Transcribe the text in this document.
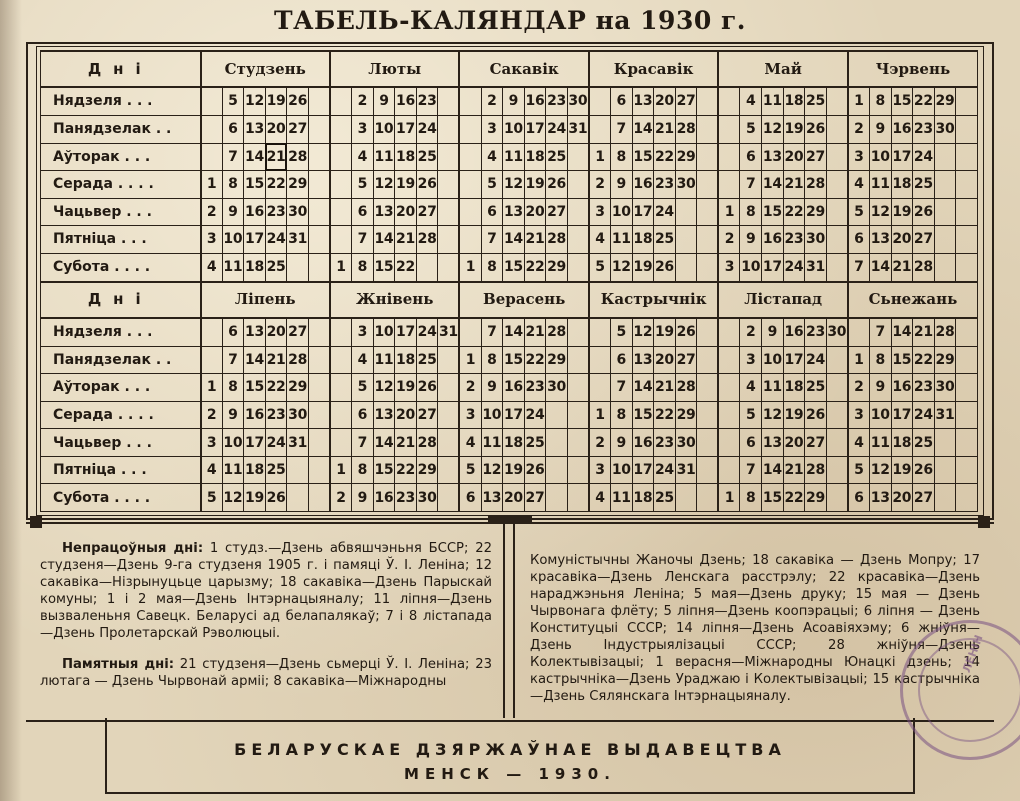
ТАБЕЛЬ-КАЛЯНДАР на 1930 г.
Дні	Студзень						Люты						Сакавік						Красавік						Май						Чэрвень					
Нядзеля . . .		5	12	19	26			2	9	16	23			2	9	16	23	30		6	13	20	27			4	11	18	25		1	8	15	22	29	
Панядзелак . .		6	13	20	27			3	10	17	24			3	10	17	24	31		7	14	21	28			5	12	19	26		2	9	16	23	30	
Аўторак . . .		7	14	21	28			4	11	18	25			4	11	18	25		1	8	15	22	29			6	13	20	27		3	10	17	24		
Серада . . . .	1	8	15	22	29			5	12	19	26			5	12	19	26		2	9	16	23	30			7	14	21	28		4	11	18	25		
Чацьвер . . .	2	9	16	23	30			6	13	20	27			6	13	20	27		3	10	17	24			1	8	15	22	29		5	12	19	26		
Пятніца . . .	3	10	17	24	31			7	14	21	28			7	14	21	28		4	11	18	25			2	9	16	23	30		6	13	20	27		
Субота . . . .	4	11	18	25			1	8	15	22			1	8	15	22	29		5	12	19	26			3	10	17	24	31		7	14	21	28		
Дні	Ліпень						Жнівень						Верасень						Кастрычнік						Лістапад						Сьнежань					
Нядзеля . . .		6	13	20	27			3	10	17	24	31		7	14	21	28			5	12	19	26			2	9	16	23	30		7	14	21	28	
Панядзелак . .		7	14	21	28			4	11	18	25		1	8	15	22	29			6	13	20	27			3	10	17	24		1	8	15	22	29	
Аўторак . . .	1	8	15	22	29			5	12	19	26		2	9	16	23	30			7	14	21	28			4	11	18	25		2	9	16	23	30	
Серада . . . .	2	9	16	23	30			6	13	20	27		3	10	17	24			1	8	15	22	29			5	12	19	26		3	10	17	24	31	
Чацьвер . . .	3	10	17	24	31			7	14	21	28		4	11	18	25			2	9	16	23	30			6	13	20	27		4	11	18	25		
Пятніца . . .	4	11	18	25			1	8	15	22	29		5	12	19	26			3	10	17	24	31			7	14	21	28		5	12	19	26		
Субота . . . .	5	12	19	26			2	9	16	23	30		6	13	20	27			4	11	18	25			1	8	15	22	29		6	13	20	27		

Непрацоўныя дні: 1 студз.—Дзень абвяшчэньня БССР; 22 студзеня—Дзень 9-га студзеня 1905 г. і памяці Ў. І. Леніна; 12 сакавіка—Нізрынуцьце царызму; 18 сакавіка—Дзень Парыскай комуны; 1 і 2 мая—Дзень Інтэрнацыяналу; 11 ліпня—Дзень вызваленьня Савецк. Беларусі ад белапалякаў; 7 і 8 лістапада—Дзень Пролетарскай Рэволюцыі.

Памятныя дні: 21 студзеня—Дзень сьмерці Ў. І. Леніна; 23 лютага — Дзень Чырвонай арміі; 8 сакавіка—Міжнародны

Комуністычны Жаночы Дзень; 18 сакавіка — Дзень Мопру; 17 красавіка—Дзень Ленскага расстрэлу; 22 красавіка—Дзень нараджэньня Леніна; 5 мая—Дзень друку; 15 мая — Дзень Чырвонага флёту; 5 ліпня—Дзень коопэрацыі; 6 ліпня — Дзень Конституцыі СССР; 14 ліпня—Дзень Асоавіяхэму; 6 жніўня—Дзень Індустрыялізацыі СССР; 28 жніўня—Дзень Колектывізацыі; 1 верасня—Міжнародны Юнацкі дзень; 14 кастрычніка—Дзень Ураджаю і Колектывізацыі; 15 кастрычніка—Дзень Сялянскага Інтэрнацыяналу.

БЕЛАРУСКАЕ ДЗЯРЖАЎНАЕ ВЫДАВЕЦТВА
МЕНСК — 1930.
ЛЕНІН
